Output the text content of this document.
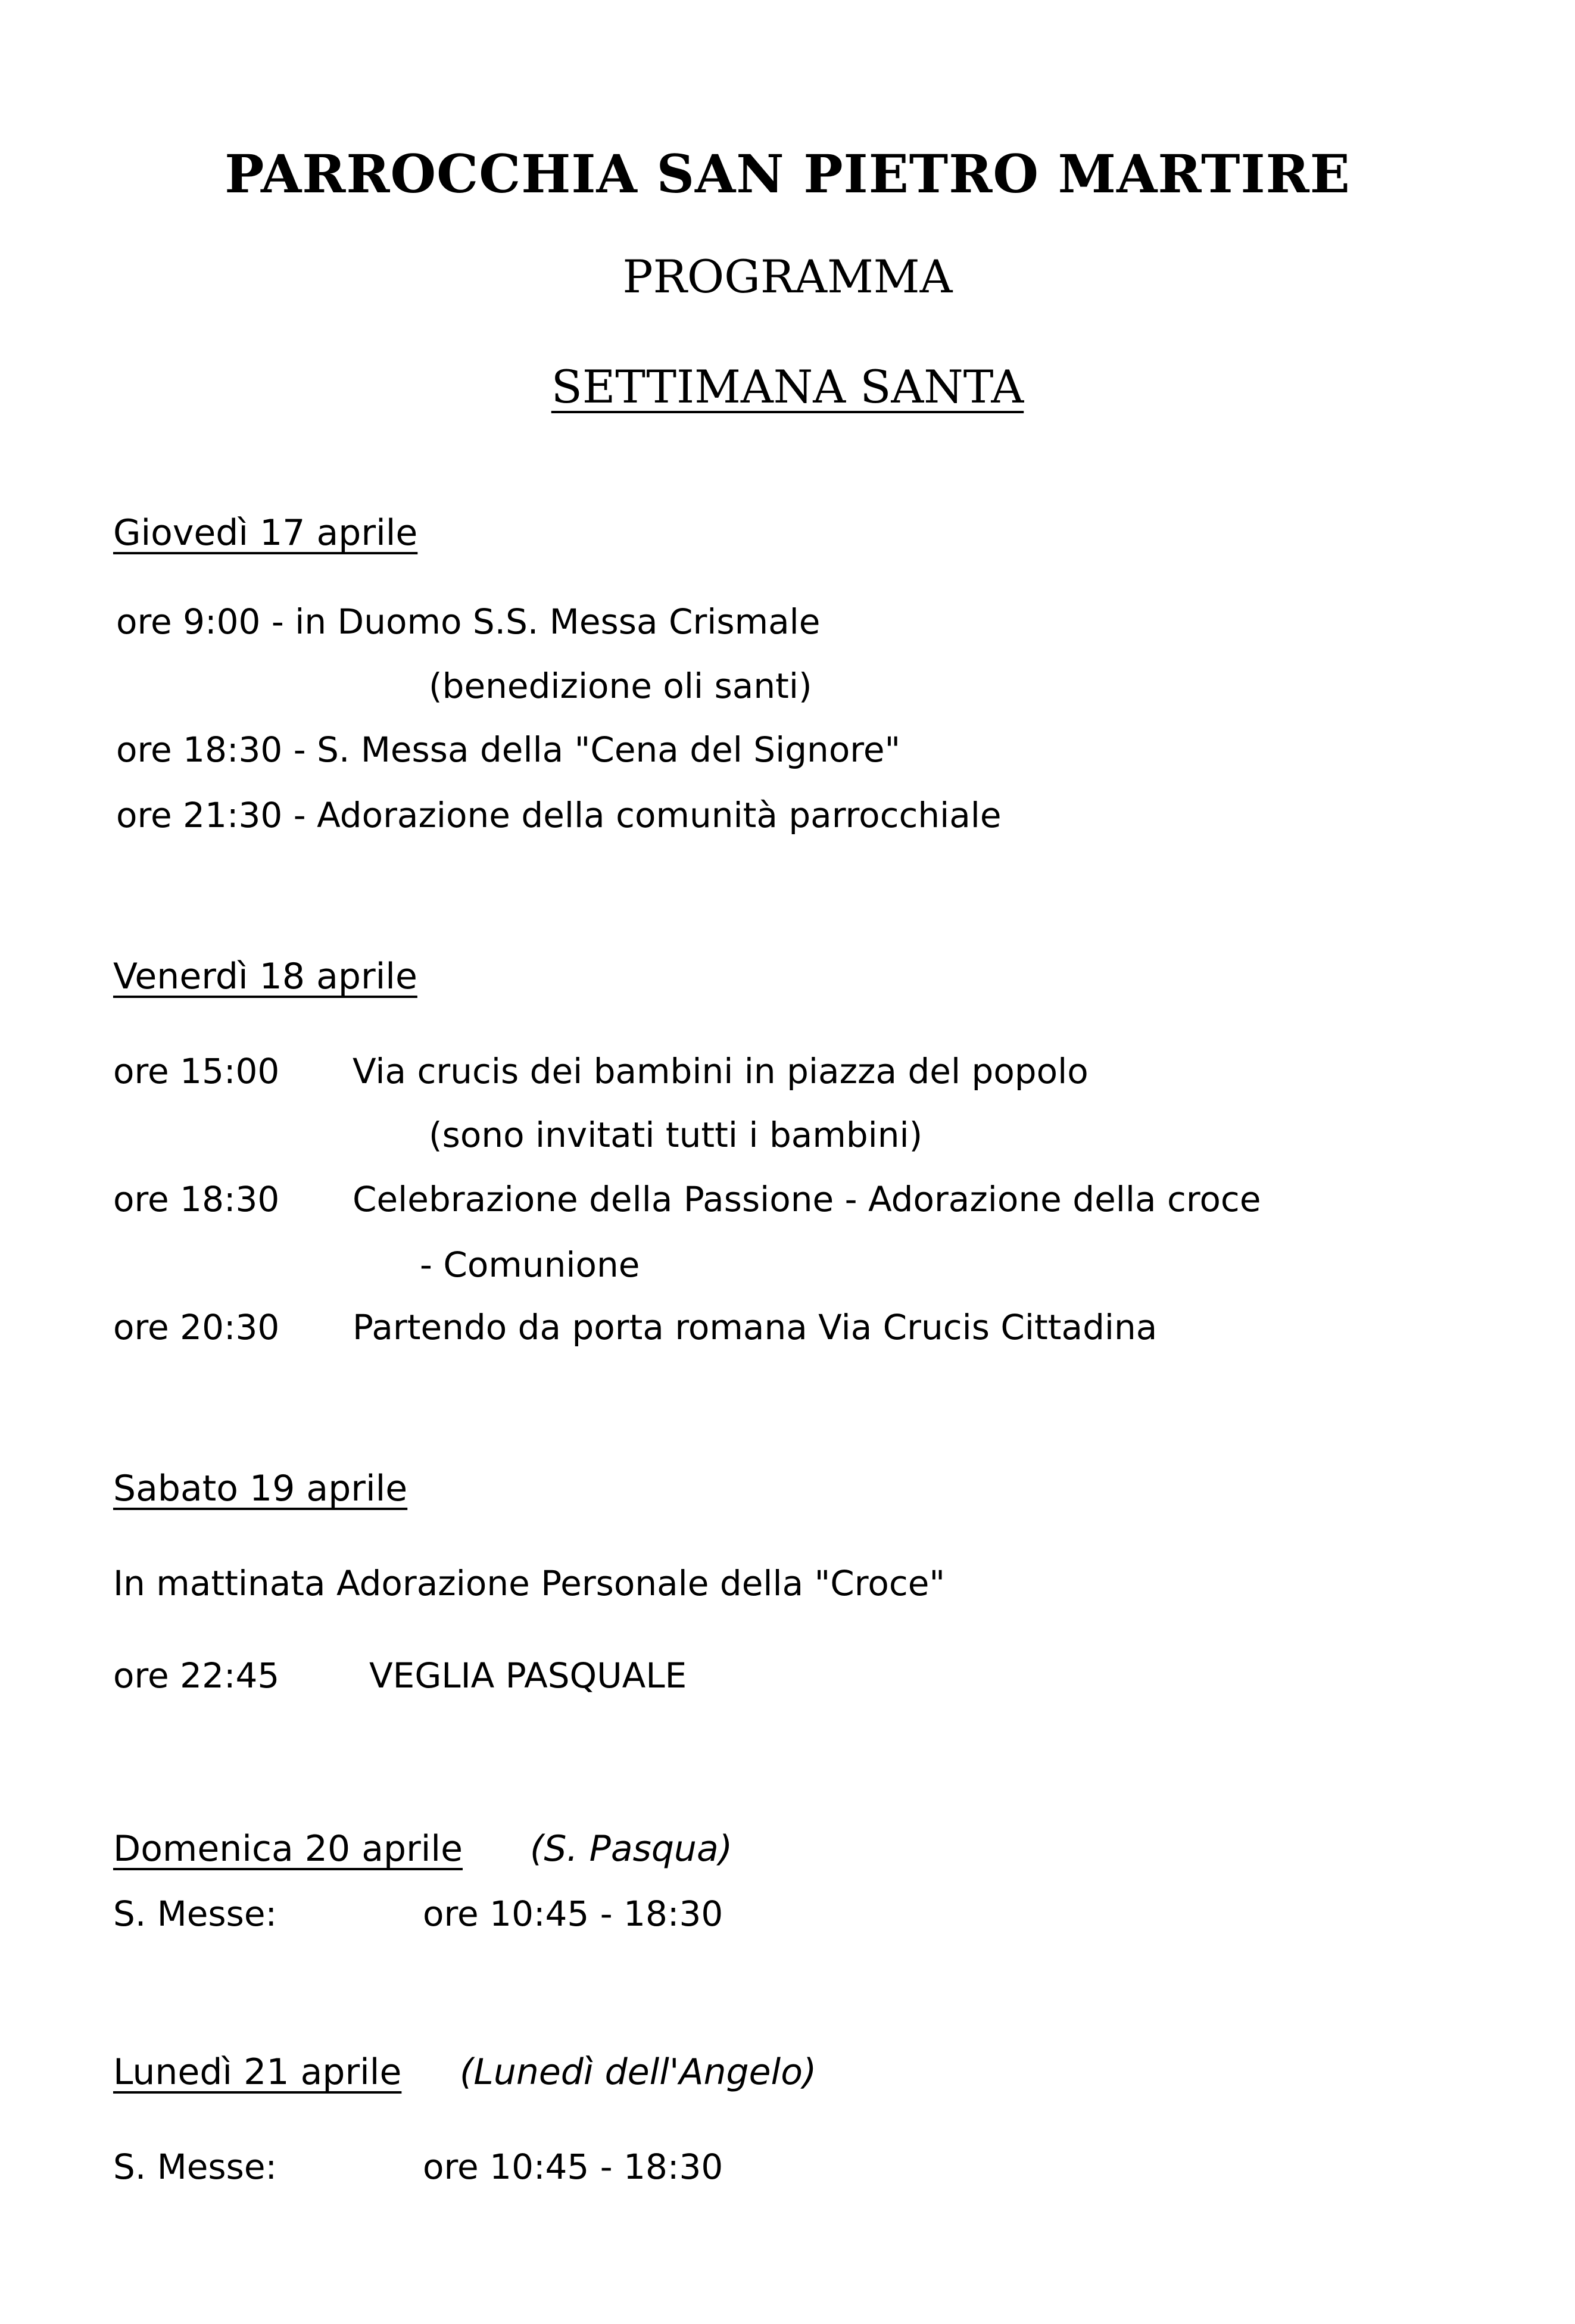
PARROCCHIA SAN PIETRO MARTIRE
PROGRAMMA
SETTIMANA SANTA
Giovedì 17 aprile
ore 9:00 - in Duomo S.S. Messa Crismale
(benedizione oli santi)
ore 18:30 - S. Messa della "Cena del Signore"
ore 21:30 - Adorazione della comunità parrocchiale
Venerdì 18 aprile
ore 15:00 Via crucis dei bambini in piazza del popolo
(sono invitati tutti i bambini)
ore 18:30 Celebrazione della Passione - Adorazione della croce
- Comunione
ore 20:30 Partendo da porta romana Via Crucis Cittadina
Sabato 19 aprile
In mattinata Adorazione Personale della "Croce"
ore 22:45	VEGLIA PASQUALE
Domenica 20 aprile (S. Pasqua)
S. Messe:	ore 10:45 - 18:30
Lunedì 21 aprile (Lunedì dell'Angelo)
S. Messe:	ore 10:45 - 18:30
